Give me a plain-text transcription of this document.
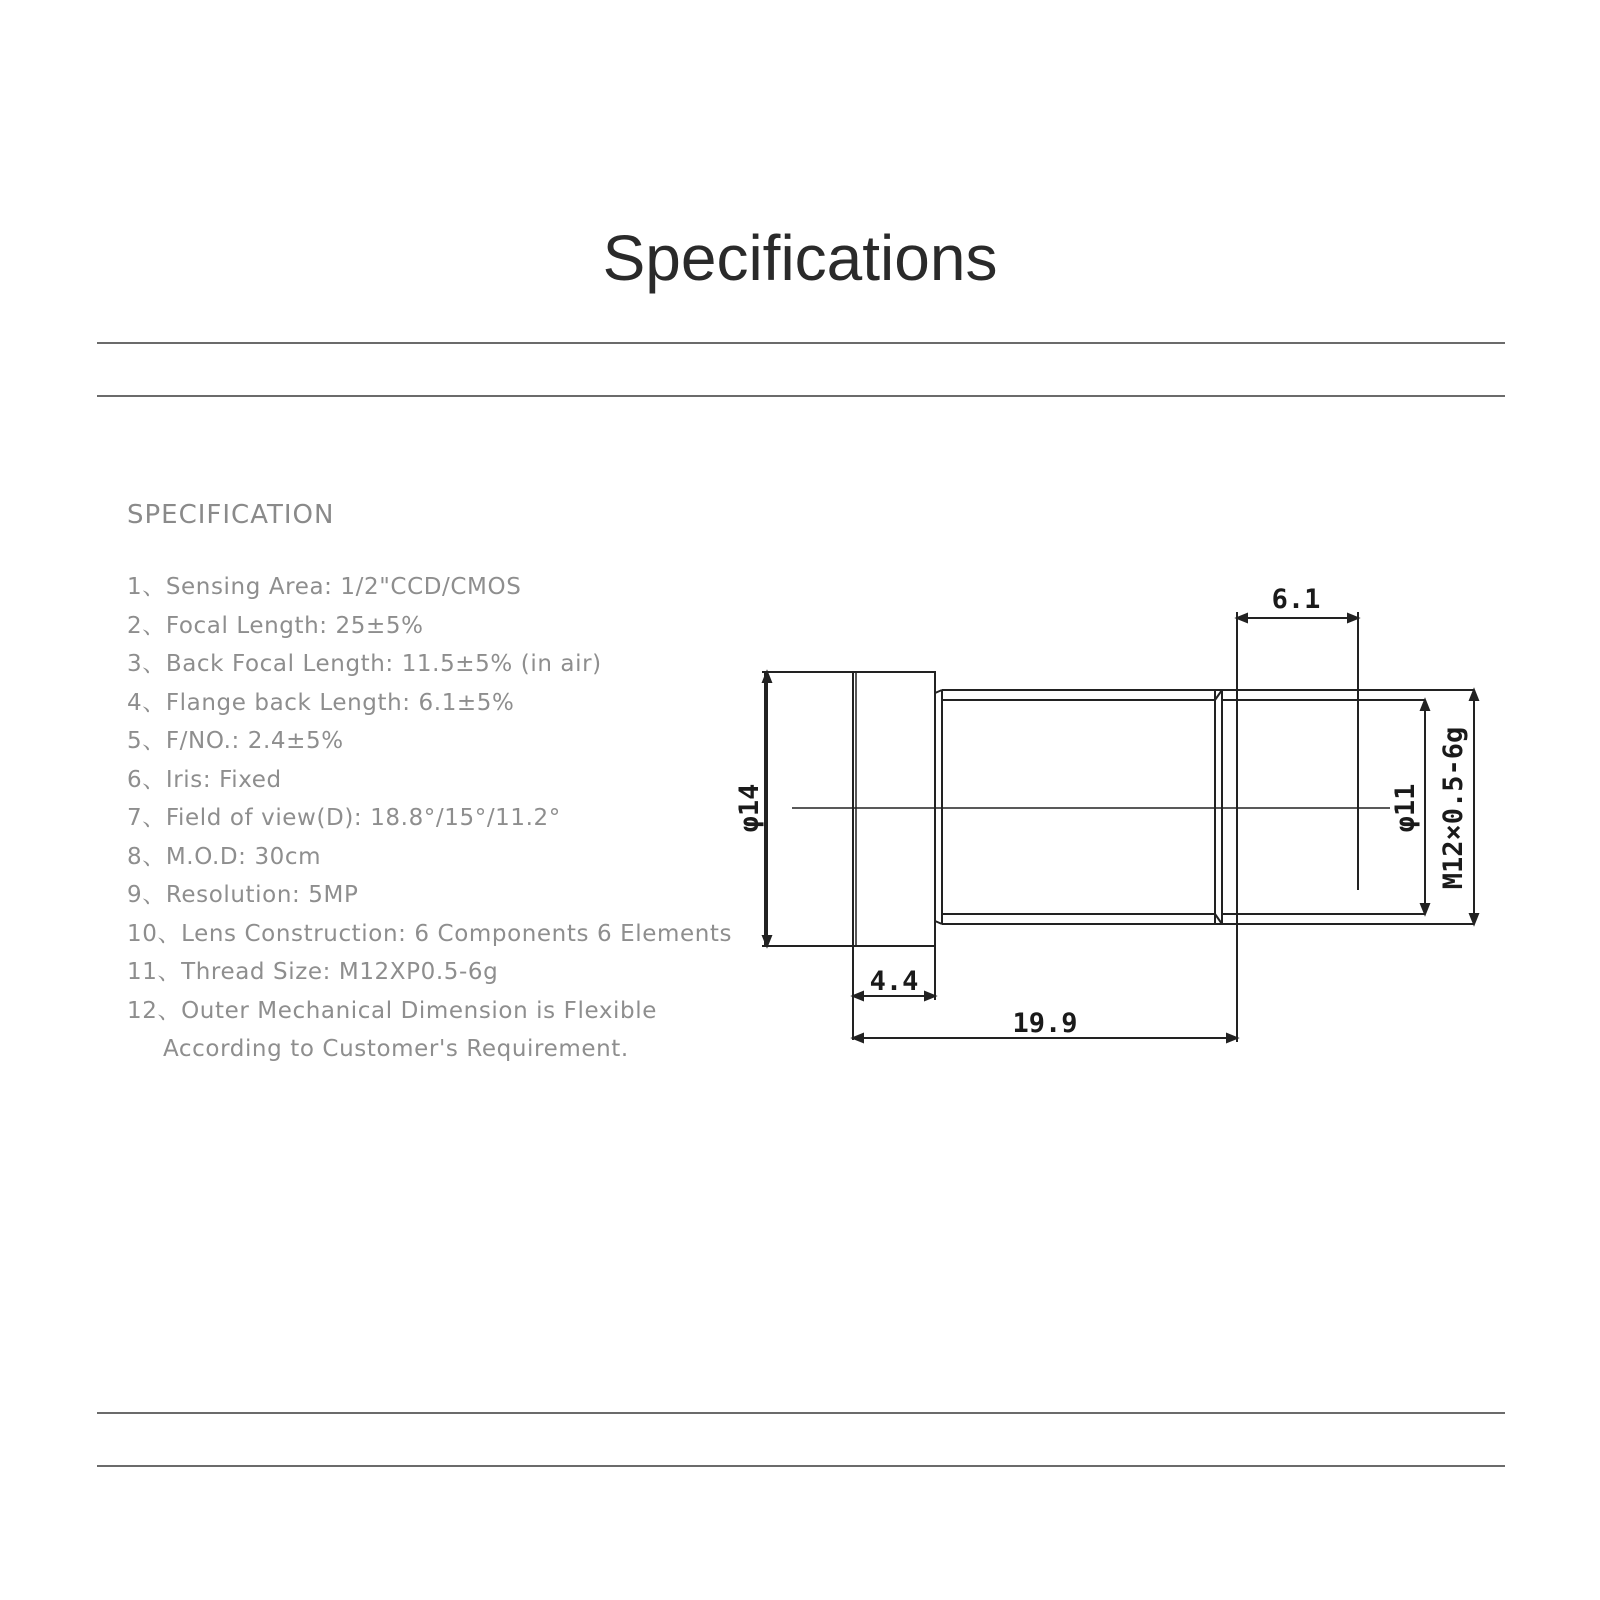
Specifications
SPECIFICATION
1、Sensing Area: 1/2"CCD/CMOS
2、Focal Length: 25±5%
3、Back Focal Length: 11.5±5% (in air)
4、Flange back Length: 6.1±5%
5、F/NO.: 2.4±5%
6、Iris: Fixed
7、Field of view(D): 18.8°/15°/11.2°
8、M.O.D: 30cm
9、Resolution: 5MP
10、Lens Construction: 6 Components 6 Elements
11、Thread Size: M12XP0.5-6g
12、Outer Mechanical Dimension is Flexible
According to Customer's Requirement.
6.1
φ14	φ11 M12×0.5-6g
4.4
19.9
